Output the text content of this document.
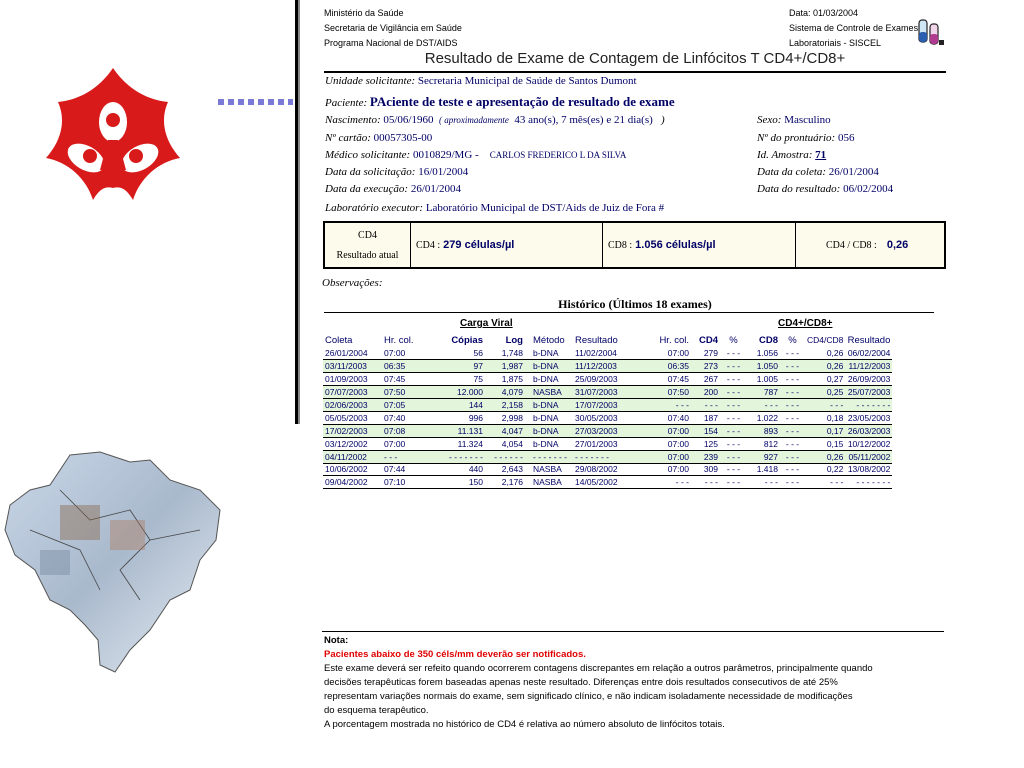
Ministério da Saúde
Secretaria de Vigilância em Saúde
Programa Nacional de DST/AIDS
Data: 01/03/2004
Sistema de Controle de Exames
Laboratoriais - SISCEL
Resultado de Exame de Contagem de Linfócitos T CD4+/CD8+
Unidade solicitante: Secretaria Municipal de Saúde de Santos Dumont
Paciente: PAciente de teste e apresentação de resultado de exame
Nascimento: 05/06/1960 ( aproximadamente 43 ano(s), 7 mês(es) e 21 dia(s) )	Sexo: Masculino
Nº cartão: 00057305-00	Nº do prontuário: 056
Médico solicitante: 0010829/MG - CARLOS FREDERICO L DA SILVA	Id. Amostra: 71
Data da solicitação: 16/01/2004	Data da coleta: 26/01/2004
Data da execução: 26/01/2004	Data do resultado: 06/02/2004
Laboratório executor: Laboratório Municipal de DST/Aids de Juiz de Fora #
CD4
Resultado atual
CD4 : 279 células/µl	CD8 : 1.056 células/µl	CD4 / CD8 : 0,26
Observações:
Histórico (Últimos 18 exames)
Carga Viral	CD4+/CD8+
Coleta	Hr. col.	Cópias	Log	Método	Resultado	Hr. col.	CD4	%	CD8	%	CD4/CD8	Resultado
26/01/2004	07:00	56	1,748	b-DNA	11/02/2004	07:00	279	- - -	1.056	- - -	0,26	06/02/2004
03/11/2003	06:35	97	1,987	b-DNA	11/12/2003	06:35	273	- - -	1.050	- - -	0,26	11/12/2003
01/09/2003	07:45	75	1,875	b-DNA	25/09/2003	07:45	267	- - -	1.005	- - -	0,27	26/09/2003
07/07/2003	07:50	12.000	4,079	NASBA	31/07/2003	07:50	200	- - -	787	- - -	0,25	25/07/2003
02/06/2003	07:05	144	2,158	b-DNA	17/07/2003	- - -	- - -	- - -	- - -	- - -	- - -	- - - - - - -
05/05/2003	07:40	996	2,998	b-DNA	30/05/2003	07:40	187	- - -	1.022	- - -	0,18	23/05/2003
17/02/2003	07:08	11.131	4,047	b-DNA	27/03/2003	07:00	154	- - -	893	- - -	0,17	26/03/2003
03/12/2002	07:00	11.324	4,054	b-DNA	27/01/2003	07:00	125	- - -	812	- - -	0,15	10/12/2002
04/11/2002	- - -	- - - - - - -	- - - - - -	- - - - - - -	- - - - - - -	07:00	239	- - -	927	- - -	0,26	05/11/2002
10/06/2002	07:44	440	2,643	NASBA	29/08/2002	07:00	309	- - -	1.418	- - -	0,22	13/08/2002
09/04/2002	07:10	150	2,176	NASBA	14/05/2002	- - -	- - -	- - -	- - -	- - -	- - -	- - - - - - -
Nota:
Pacientes abaixo de 350 céls/mm deverão ser notificados.
Este exame deverá ser refeito quando ocorrerem contagens discrepantes em relação a outros parâmetros, principalmente quando
decisões terapêuticas forem baseadas apenas neste resultado. Diferenças entre dois resultados consecutivos de até 25%
representam variações normais do exame, sem significado clínico, e não indicam isoladamente necessidade de modificações
do esquema terapêutico.
A porcentagem mostrada no histórico de CD4 é relativa ao número absoluto de linfócitos totais.
